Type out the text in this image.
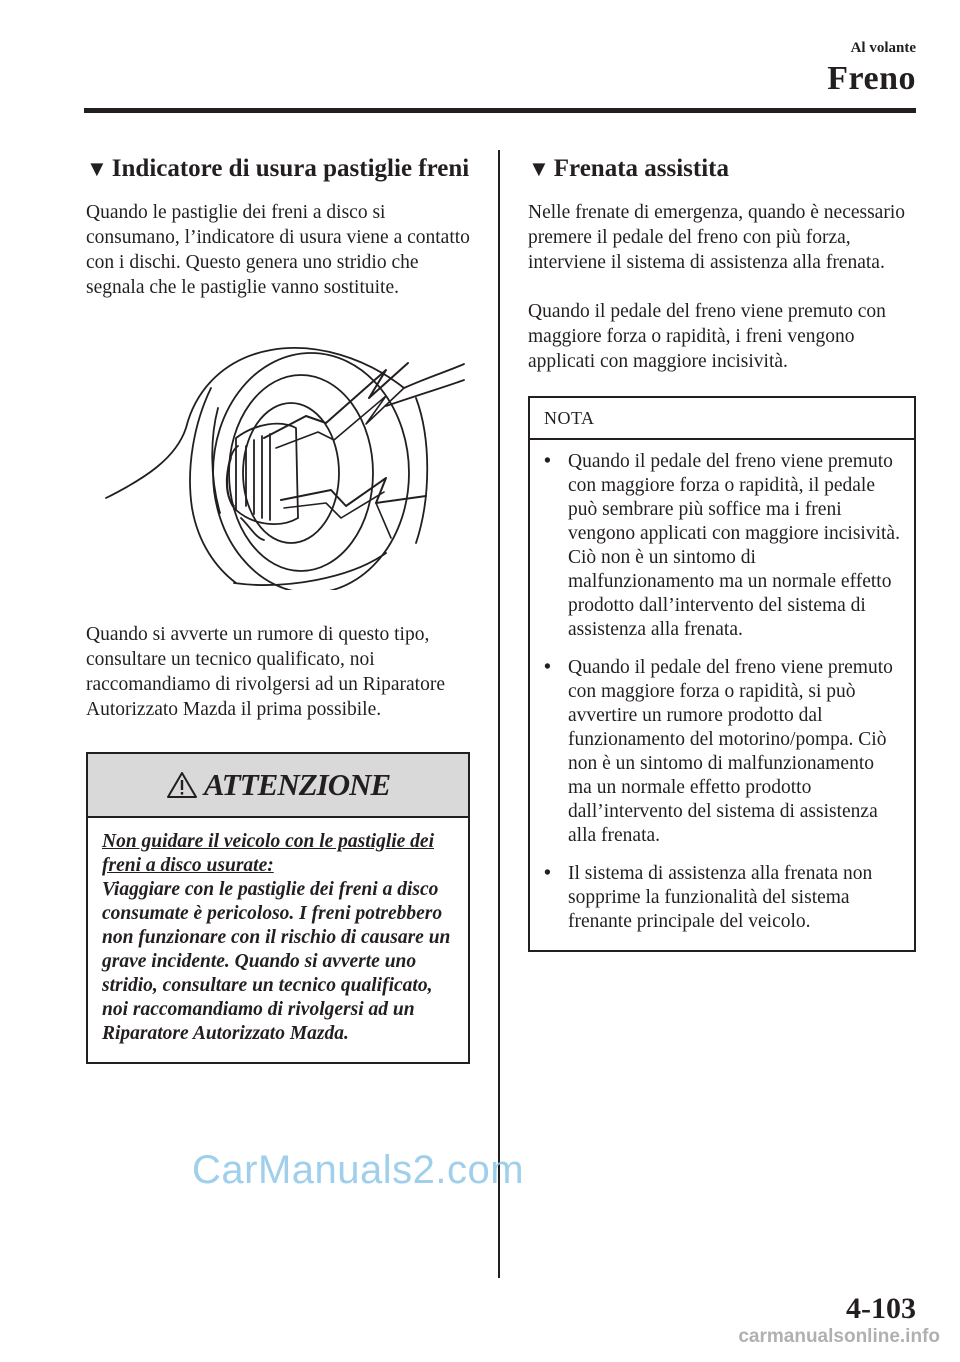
Al volante
Freno
▼ Indicatore di usura pastiglie freni

Quando le pastiglie dei freni a disco si consumano, l’indicatore di usura viene a contatto con i dischi. Questo genera uno stridio che segnala che le pastiglie vanno sostituite.

Quando si avverte un rumore di questo tipo, consultare un tecnico qualificato, noi raccomandiamo di rivolgersi ad un Riparatore Autorizzato Mazda il prima possibile.

ATTENZIONE
Non guidare il veicolo con le pastiglie dei freni a disco usurate:
Viaggiare con le pastiglie dei freni a disco consumate è pericoloso. I freni potrebbero non funzionare con il rischio di causare un grave incidente. Quando si avverte uno stridio, consultare un tecnico qualificato, noi raccomandiamo di rivolgersi ad un Riparatore Autorizzato Mazda.
▼ Frenata assistita

Nelle frenate di emergenza, quando è necessario premere il pedale del freno con più forza, interviene il sistema di assistenza alla frenata.

Quando il pedale del freno viene premuto con maggiore forza o rapidità, i freni vengono applicati con maggiore incisività.

NOTA
• Quando il pedale del freno viene premuto con maggiore forza o rapidità, il pedale può sembrare più soffice ma i freni vengono applicati con maggiore incisività. Ciò non è un sintomo di malfunzionamento ma un normale effetto prodotto dall’intervento del sistema di assistenza alla frenata.
• Quando il pedale del freno viene premuto con maggiore forza o rapidità, si può avvertire un rumore prodotto dal funzionamento del motorino/pompa. Ciò non è un sintomo di malfunzionamento ma un normale effetto prodotto dall’intervento del sistema di assistenza alla frenata.
• Il sistema di assistenza alla frenata non sopprime la funzionalità del sistema frenante principale del veicolo.
CarManuals2.com
4-103
carmanualsonline.info
